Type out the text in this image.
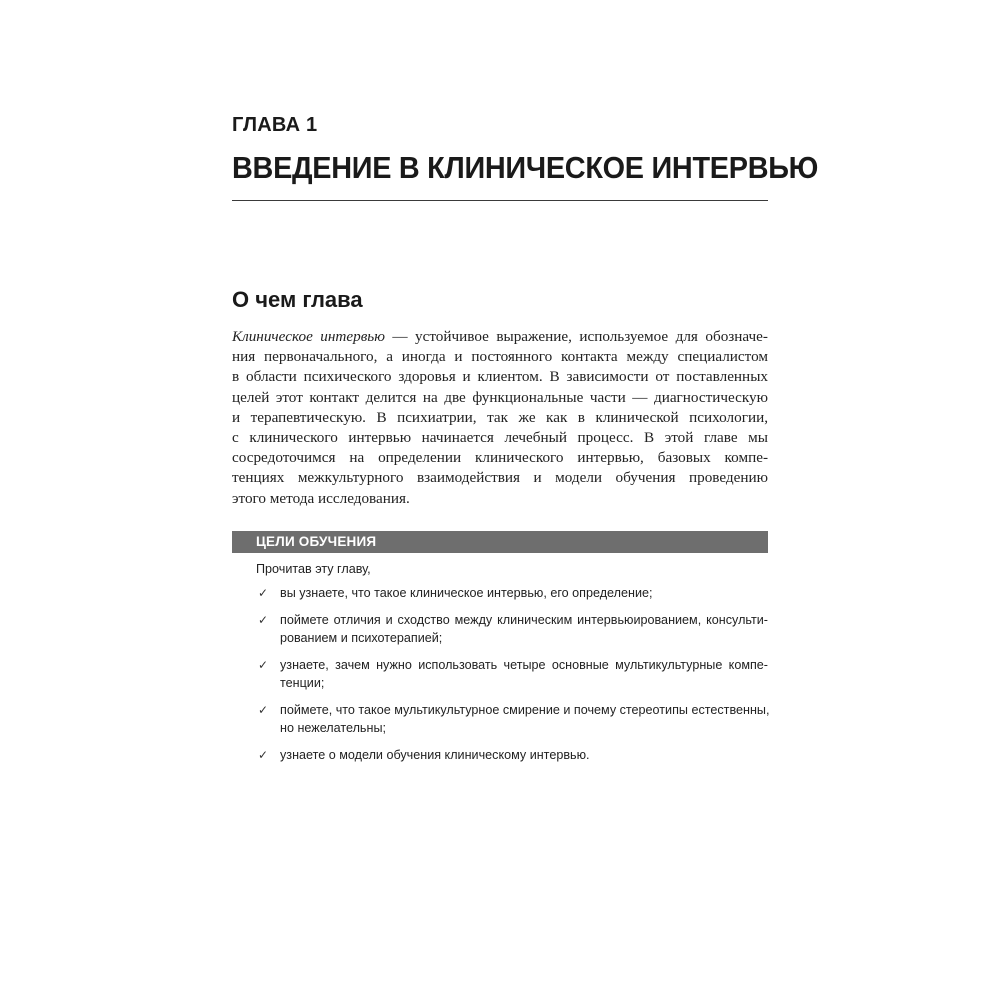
ГЛАВА 1
ВВЕДЕНИЕ В КЛИНИЧЕСКОЕ ИНТЕРВЬЮ
О чем глава
Клиническое интервью — устойчивое выражение, используемое для обозначе-
ния первоначального, а иногда и постоянного контакта между специалистом
в области психического здоровья и клиентом. В зависимости от поставленных
целей этот контакт делится на две функциональные части — диагностическую
и терапевтическую. В психиатрии, так же как в клинической психологии,
с клинического интервью начинается лечебный процесс. В этой главе мы
сосредоточимся на определении клинического интервью, базовых компе-
тенциях межкультурного взаимодействия и модели обучения проведению
этого метода исследования.
ЦЕЛИ ОБУЧЕНИЯ
Прочитав эту главу,
✓ вы узнаете, что такое клиническое интервью, его определение;
✓ поймете отличия и сходство между клиническим интервьюированием, консульти-
рованием и психотерапией;
✓ узнаете, зачем нужно использовать четыре основные мультикультурные компе-
тенции;
✓ поймете, что такое мультикультурное смирение и почему стереотипы естественны,
но нежелательны;
✓ узнаете о модели обучения клиническому интервью.
